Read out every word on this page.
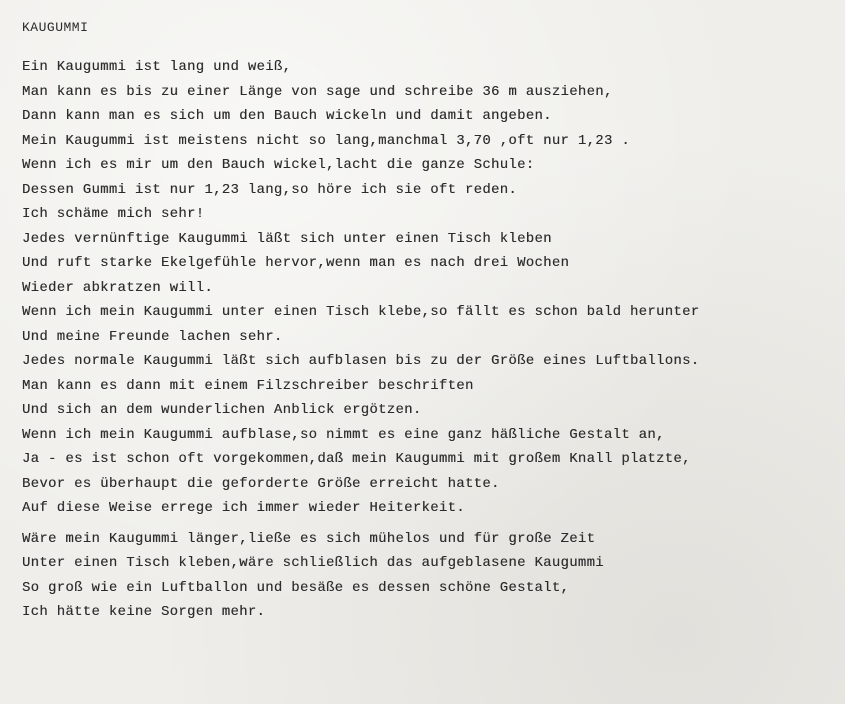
KAUGUMMI
Ein Kaugummi ist lang und weiß,
Man kann es bis zu einer Länge von sage und schreibe 36 m ausziehen,
Dann kann man es sich um den Bauch wickeln und damit angeben.
Mein Kaugummi ist meistens nicht so lang,manchmal 3,70 ,oft nur 1,23 .
Wenn ich es mir um den Bauch wickel,lacht die ganze Schule:
Dessen Gummi ist nur 1,23 lang,so höre ich sie oft reden.
Ich schäme mich sehr!
Jedes vernünftige Kaugummi läßt sich unter einen Tisch kleben
Und ruft starke Ekelgefühle hervor,wenn man es nach drei Wochen
Wieder abkratzen will.
Wenn ich mein Kaugummi unter einen Tisch klebe,so fällt es schon bald herunter
Und meine Freunde lachen sehr.
Jedes normale Kaugummi läßt sich aufblasen bis zu der Größe eines Luftballons.
Man kann es dann mit einem Filzschreiber beschriften
Und sich an dem wunderlichen Anblick ergötzen.
Wenn ich mein Kaugummi aufblase,so nimmt es eine ganz häßliche Gestalt an,
Ja - es ist schon oft vorgekommen,daß mein Kaugummi mit großem Knall platzte,
Bevor es überhaupt die geforderte Größe erreicht hatte.
Auf diese Weise errege ich immer wieder Heiterkeit.
Wäre mein Kaugummi länger,ließe es sich mühelos und für große Zeit
Unter einen Tisch kleben,wäre schließlich das aufgeblasene Kaugummi
So groß wie ein Luftballon und besäße es dessen schöne Gestalt,
Ich hätte keine Sorgen mehr.
